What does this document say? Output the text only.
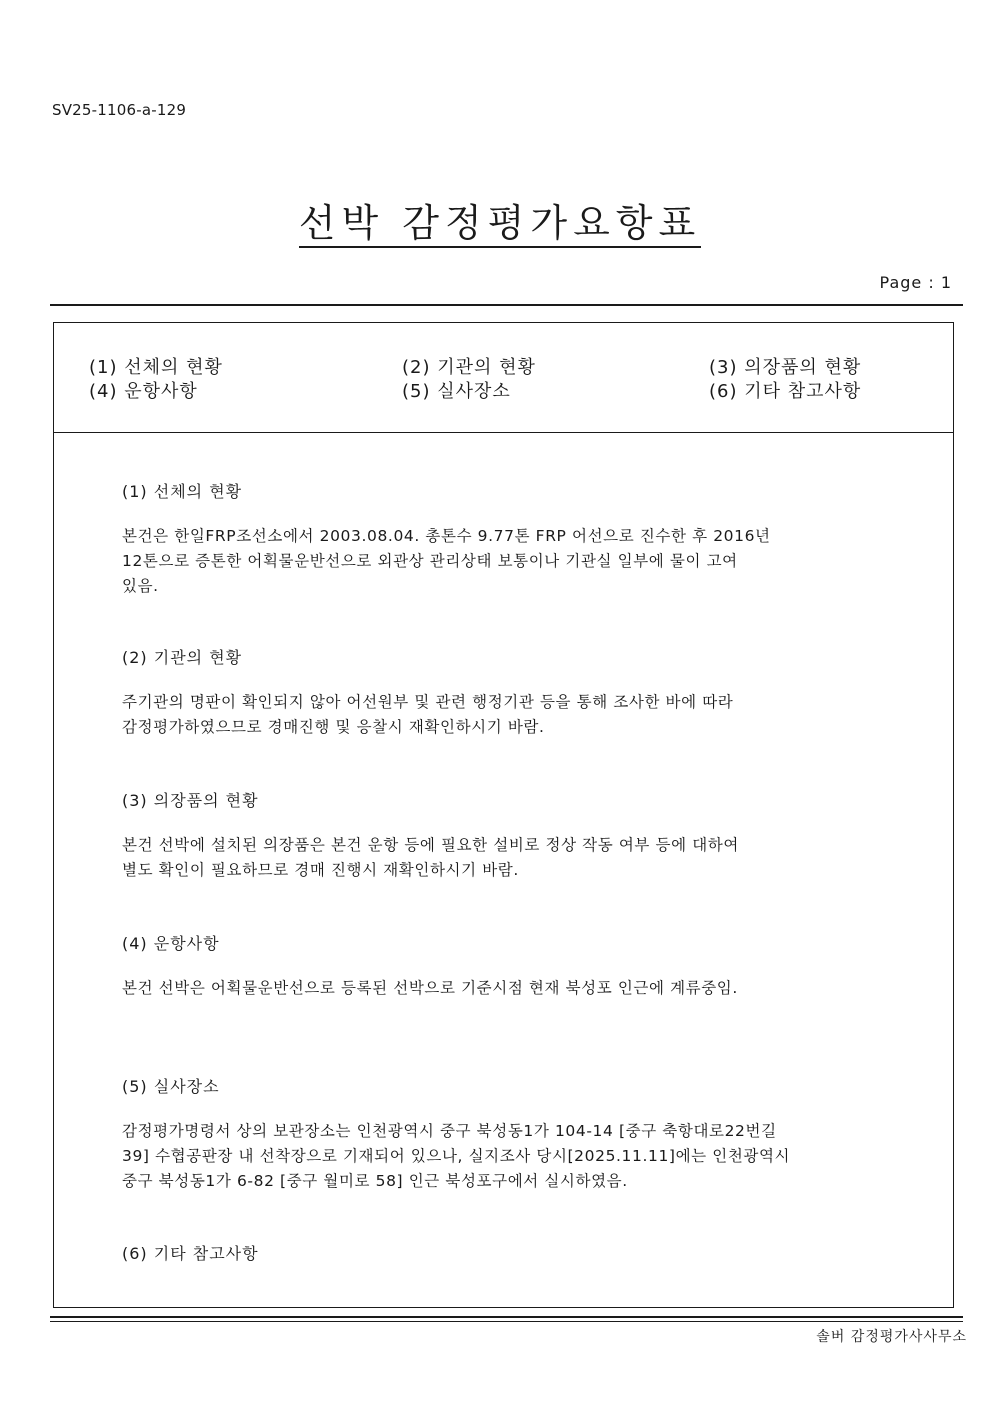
SV25-1106-a-129
선박 감정평가요항표
Page : 1
(1) 선체의 현황	(2) 기관의 현황	(3) 의장품의 현황
(4) 운항사항	(5) 실사장소	(6) 기타 참고사항
(1) 선체의 현황

본건은 한일FRP조선소에서 2003.08.04. 총톤수 9.77톤 FRP 어선으로 진수한 후 2016년
12톤으로 증톤한 어획물운반선으로 외관상 관리상태 보통이나 기관실 일부에 물이 고여
있음.

(2) 기관의 현황

주기관의 명판이 확인되지 않아 어선원부 및 관련 행정기관 등을 통해 조사한 바에 따라
감정평가하였으므로 경매진행 및 응찰시 재확인하시기 바람.

(3) 의장품의 현황

본건 선박에 설치된 의장품은 본건 운항 등에 필요한 설비로 정상 작동 여부 등에 대하여
별도 확인이 필요하므로 경매 진행시 재확인하시기 바람.

(4) 운항사항

본건 선박은 어획물운반선으로 등록된 선박으로 기준시점 현재 북성포 인근에 계류중임.

(5) 실사장소

감정평가명령서 상의 보관장소는 인천광역시 중구 북성동1가 104-14 [중구 축항대로22번길
39] 수협공판장 내 선착장으로 기재되어 있으나, 실지조사 당시[2025.11.11]에는 인천광역시
중구 북성동1가 6-82 [중구 월미로 58] 인근 북성포구에서 실시하였음.

(6) 기타 참고사항
솔버 감정평가사사무소
